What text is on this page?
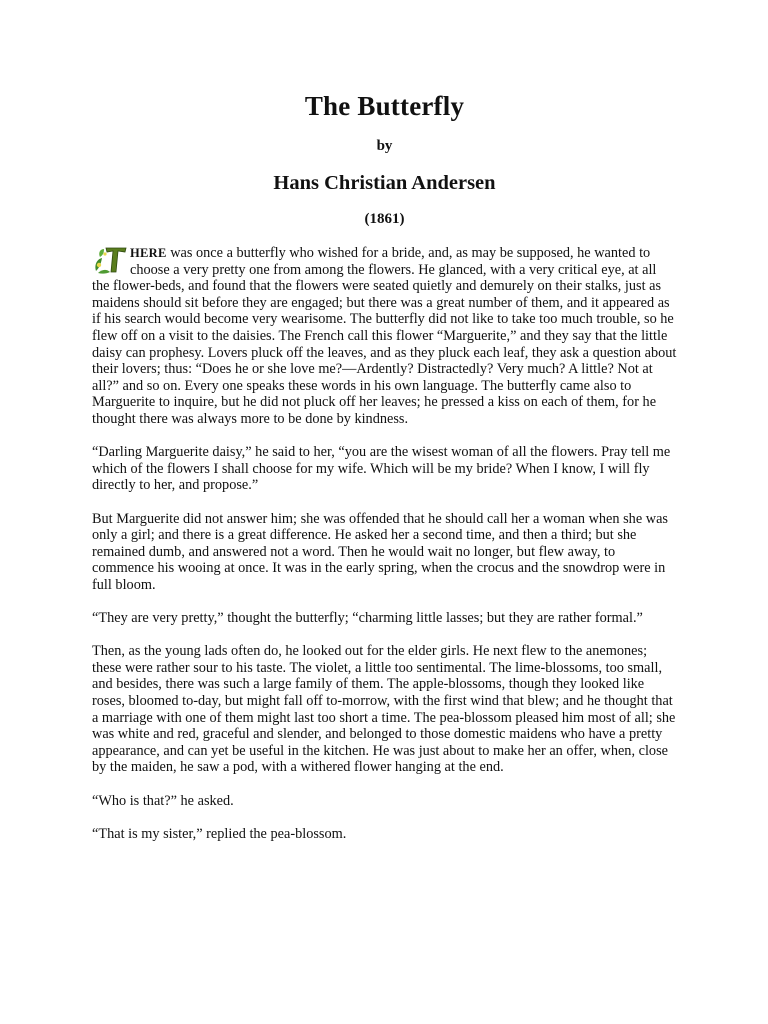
The Butterfly
by
Hans Christian Andersen
(1861)

T
HERE was once a butterfly who wished for a bride, and, as may be supposed, he wanted to choose a very pretty one from among the flowers. He glanced, with a very critical eye, at all the flower-beds, and found that the flowers were seated quietly and demurely on their stalks, just as maidens should sit before they are engaged; but there was a great number of them, and it appeared as if his search would become very wearisome. The butterfly did not like to take too much trouble, so he flew off on a visit to the daisies. The French call this flower “Marguerite,” and they say that the little daisy can prophesy. Lovers pluck off the leaves, and as they pluck each leaf, they ask a question about their lovers; thus: “Does he or she love me?—Ardently? Distractedly? Very much? A little? Not at all?” and so on. Every one speaks these words in his own language. The butterfly came also to Marguerite to inquire, but he did not pluck off her leaves; he pressed a kiss on each of them, for he thought there was always more to be done by kindness.

“Darling Marguerite daisy,” he said to her, “you are the wisest woman of all the flowers. Pray tell me which of the flowers I shall choose for my wife. Which will be my bride? When I know, I will fly directly to her, and propose.”

But Marguerite did not answer him; she was offended that he should call her a woman when she was only a girl; and there is a great difference. He asked her a second time, and then a third; but she remained dumb, and answered not a word. Then he would wait no longer, but flew away, to commence his wooing at once. It was in the early spring, when the crocus and the snowdrop were in full bloom.

“They are very pretty,” thought the butterfly; “charming little lasses; but they are rather formal.”

Then, as the young lads often do, he looked out for the elder girls. He next flew to the anemones; these were rather sour to his taste. The violet, a little too sentimental. The lime-blossoms, too small, and besides, there was such a large family of them. The apple-blossoms, though they looked like roses, bloomed to-day, but might fall off to-morrow, with the first wind that blew; and he thought that a marriage with one of them might last too short a time. The pea-blossom pleased him most of all; she was white and red, graceful and slender, and belonged to those domestic maidens who have a pretty appearance, and can yet be useful in the kitchen. He was just about to make her an offer, when, close by the maiden, he saw a pod, with a withered flower hanging at the end.

“Who is that?” he asked.

“That is my sister,” replied the pea-blossom.
